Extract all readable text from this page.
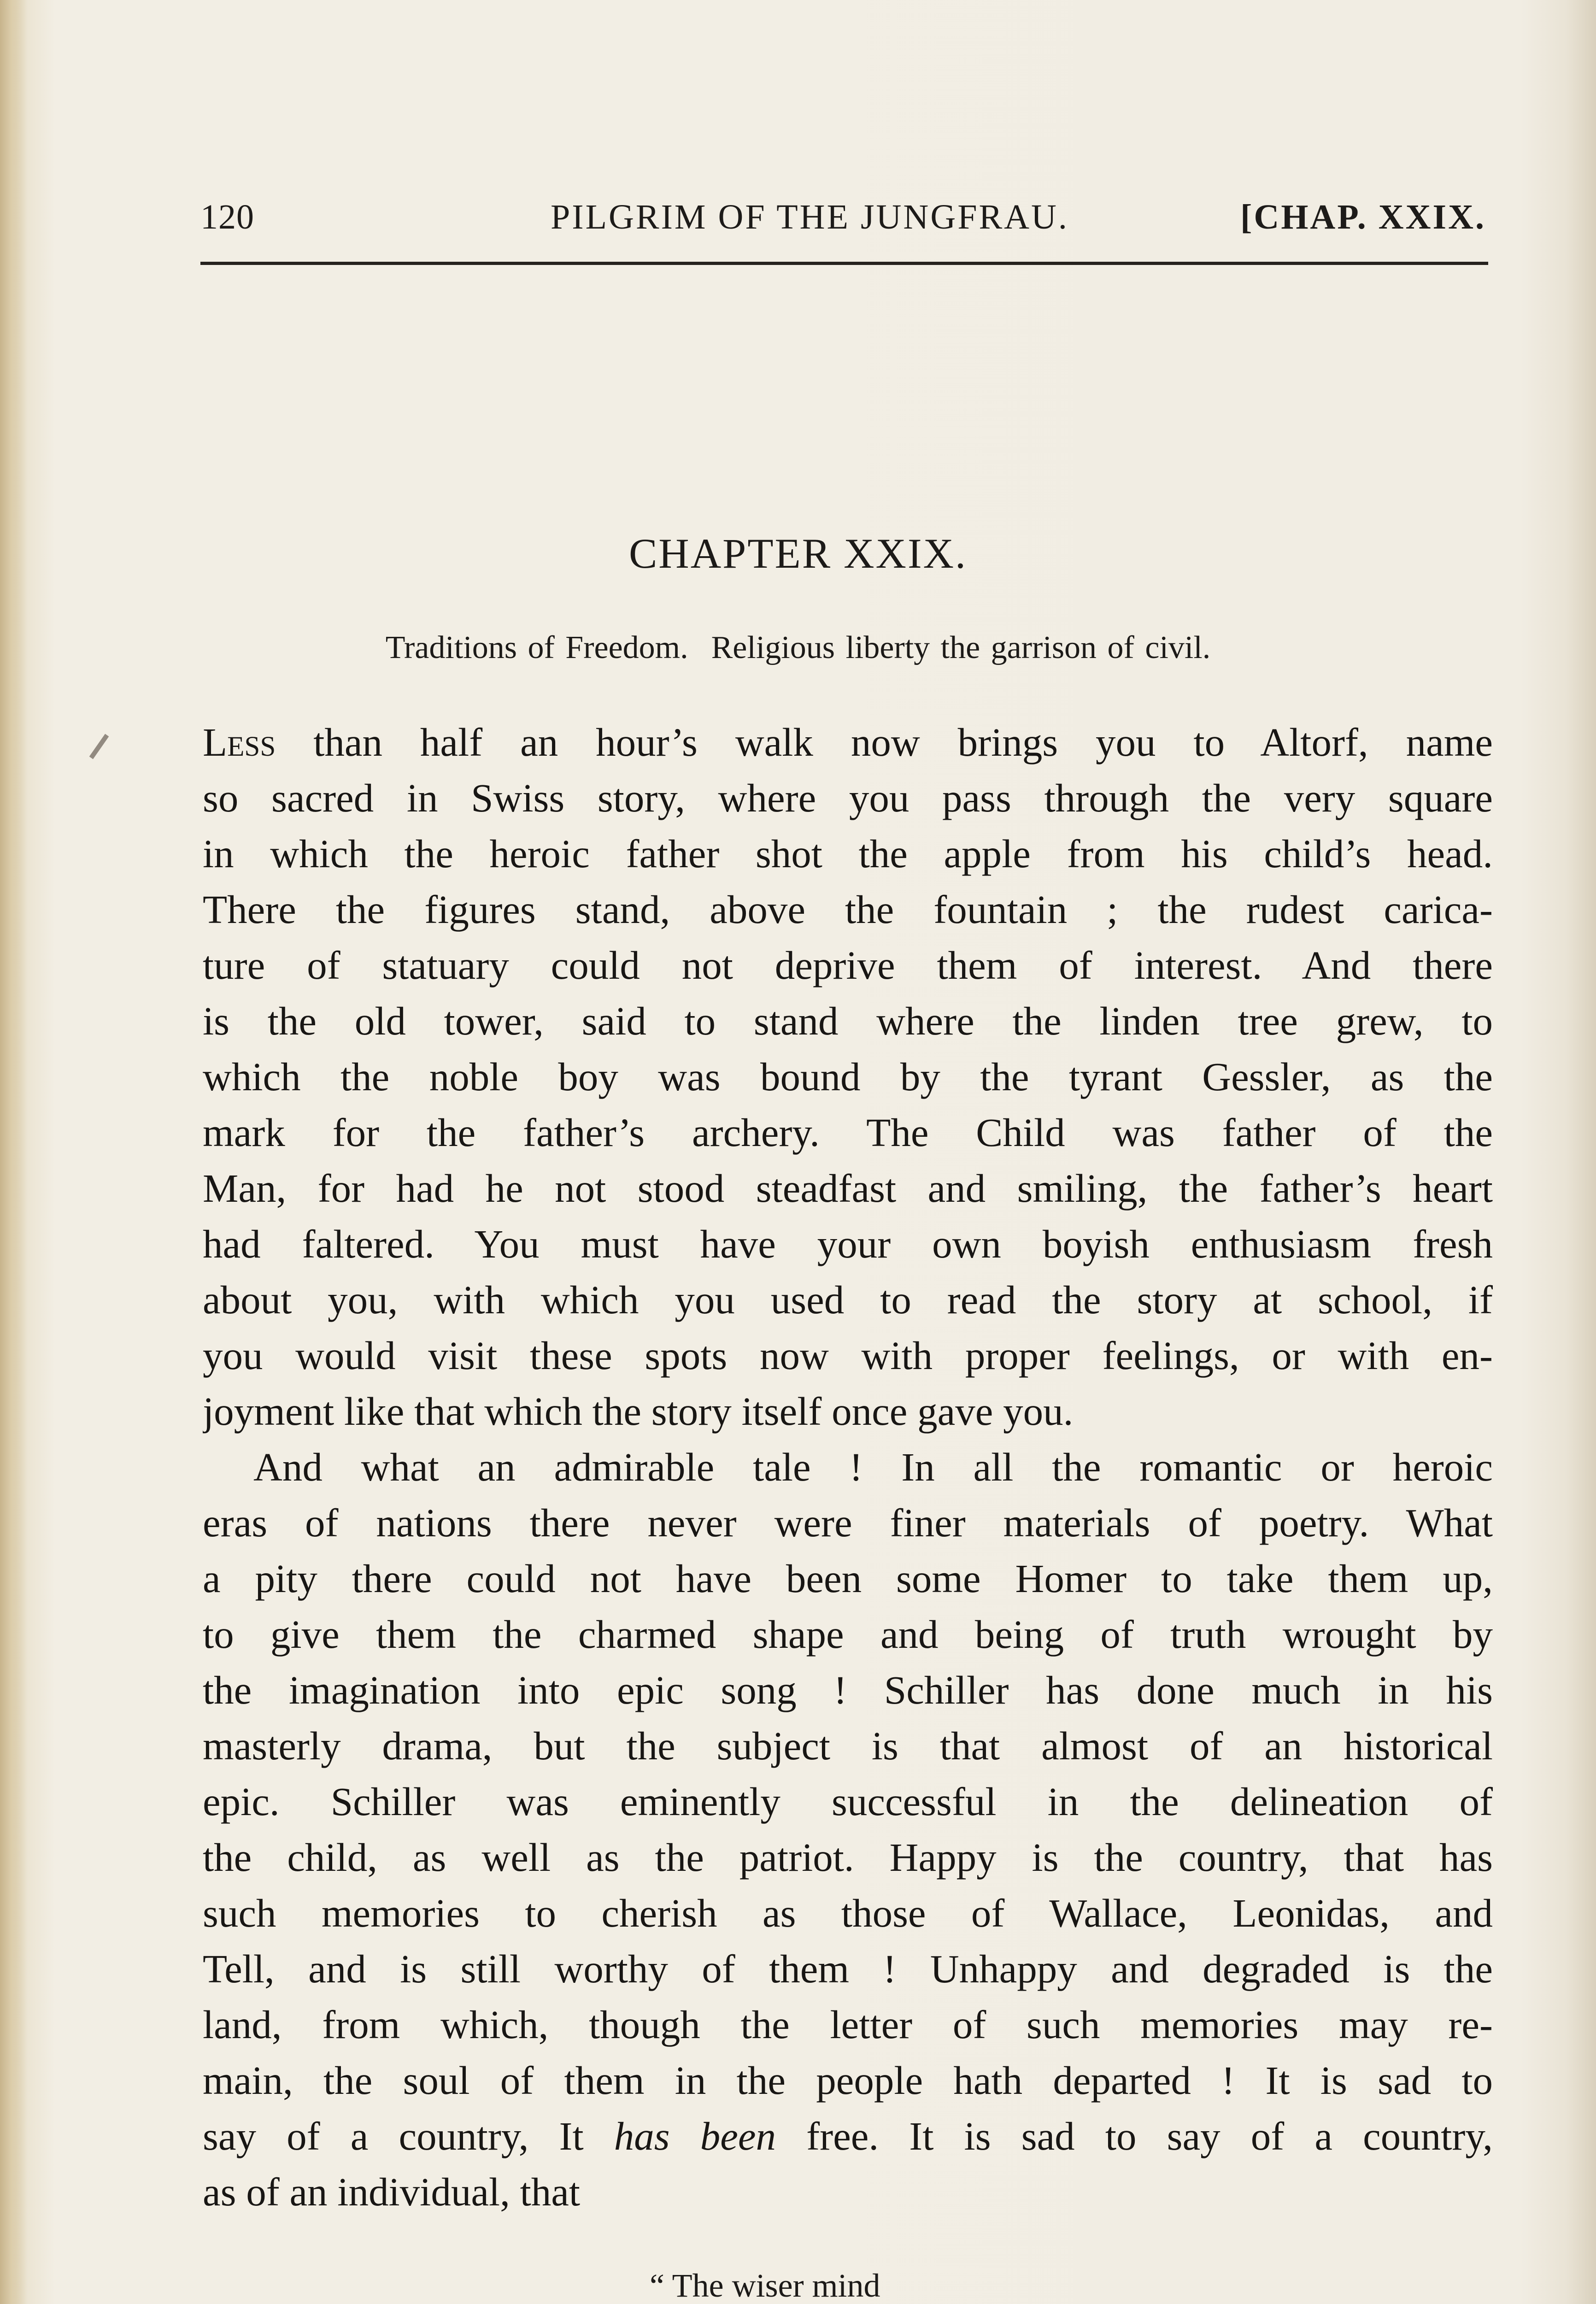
120	PILGRIM OF THE JUNGFRAU.	[CHAP. XXIX.
CHAPTER XXIX.
Traditions of Freedom. Religious liberty the garrison of civil.
Less than half an hour’s walk now brings you to Altorf, name
so sacred in Swiss story, where you pass through the very square
in which the heroic father shot the apple from his child’s head.
There the figures stand, above the fountain ; the rudest carica-
ture of statuary could not deprive them of interest. And there
is the old tower, said to stand where the linden tree grew, to
which the noble boy was bound by the tyrant Gessler, as the
mark for the father’s archery. The Child was father of the
Man, for had he not stood steadfast and smiling, the father’s heart
had faltered. You must have your own boyish enthusiasm fresh
about you, with which you used to read the story at school, if
you would visit these spots now with proper feelings, or with en-
joyment like that which the story itself once gave you.
And what an admirable tale ! In all the romantic or heroic
eras of nations there never were finer materials of poetry. What
a pity there could not have been some Homer to take them up,
to give them the charmed shape and being of truth wrought by
the imagination into epic song ! Schiller has done much in his
masterly drama, but the subject is that almost of an historical
epic. Schiller was eminently successful in the delineation of
the child, as well as the patriot. Happy is the country, that has
such memories to cherish as those of Wallace, Leonidas, and
Tell, and is still worthy of them ! Unhappy and degraded is the
land, from which, though the letter of such memories may re-
main, the soul of them in the people hath departed ! It is sad to
say of a country, It has been free. It is sad to say of a country,
as of an individual, that
“ The wiser mind
